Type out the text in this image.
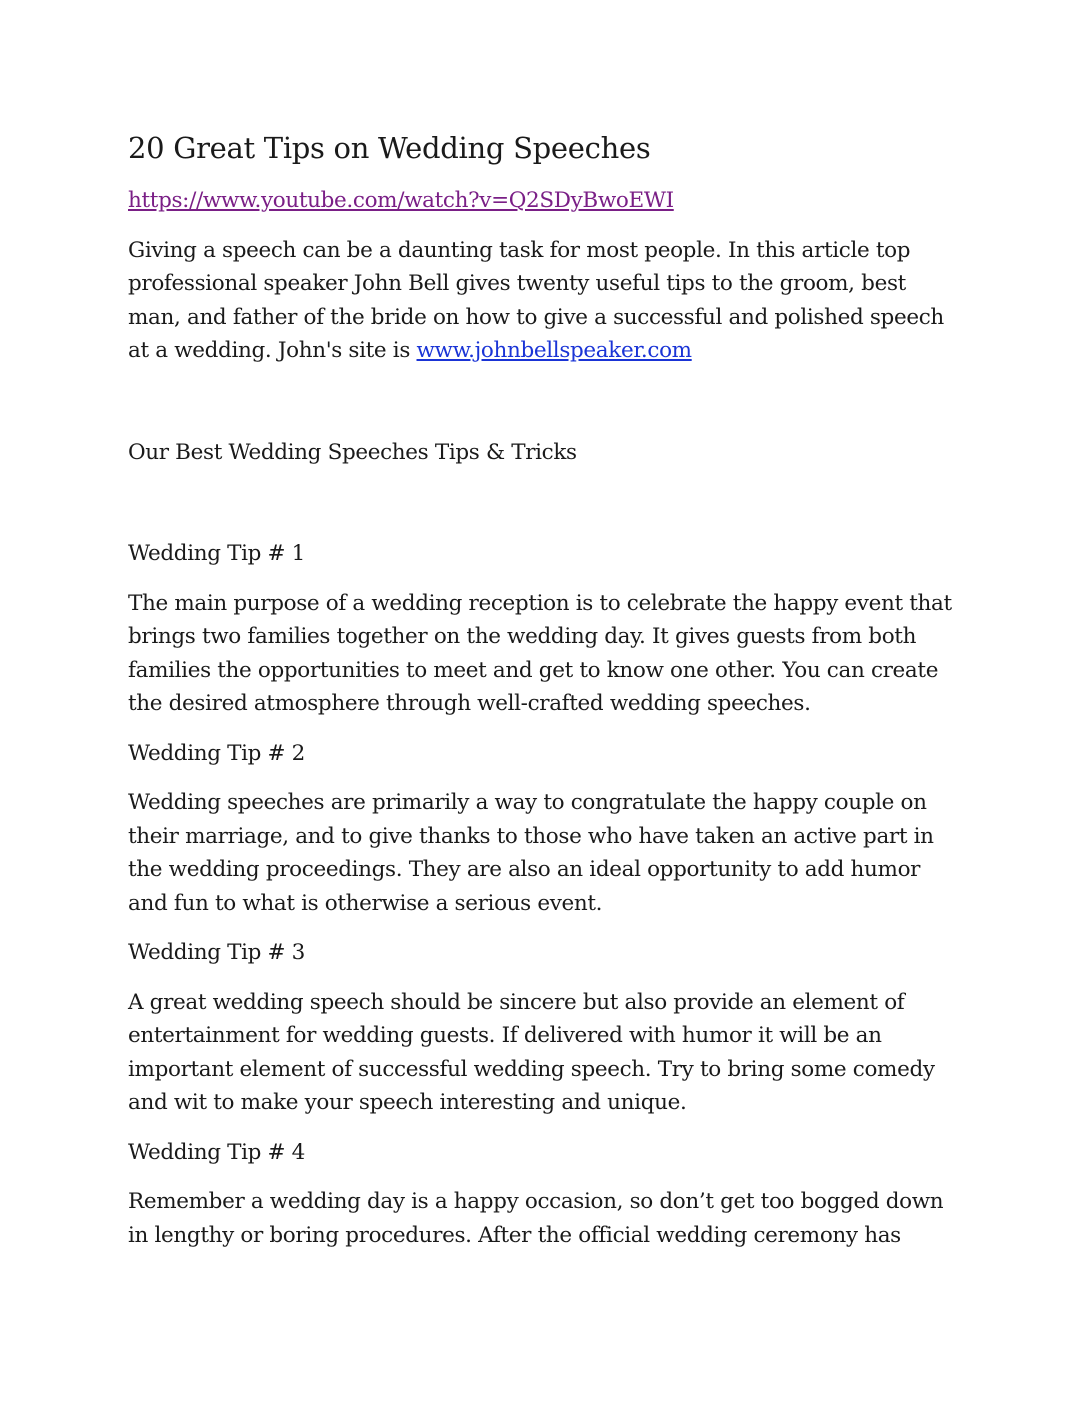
20 Great Tips on Wedding Speeches

https://www.youtube.com/watch?v=Q2SDyBwoEWI

Giving a speech can be a daunting task for most people. In this article top professional speaker John Bell gives twenty useful tips to the groom, best man, and father of the bride on how to give a successful and polished speech at a wedding. John's site is www.johnbellspeaker.com

Our Best Wedding Speeches Tips & Tricks

Wedding Tip # 1

The main purpose of a wedding reception is to celebrate the happy event that brings two families together on the wedding day. It gives guests from both families the opportunities to meet and get to know one other. You can create the desired atmosphere through well-crafted wedding speeches.

Wedding Tip # 2

Wedding speeches are primarily a way to congratulate the happy couple on their marriage, and to give thanks to those who have taken an active part in the wedding proceedings. They are also an ideal opportunity to add humor and fun to what is otherwise a serious event.

Wedding Tip # 3

A great wedding speech should be sincere but also provide an element of entertainment for wedding guests. If delivered with humor it will be an important element of successful wedding speech. Try to bring some comedy and wit to make your speech interesting and unique.

Wedding Tip # 4

Remember a wedding day is a happy occasion, so don’t get too bogged down in lengthy or boring procedures. After the official wedding ceremony has
